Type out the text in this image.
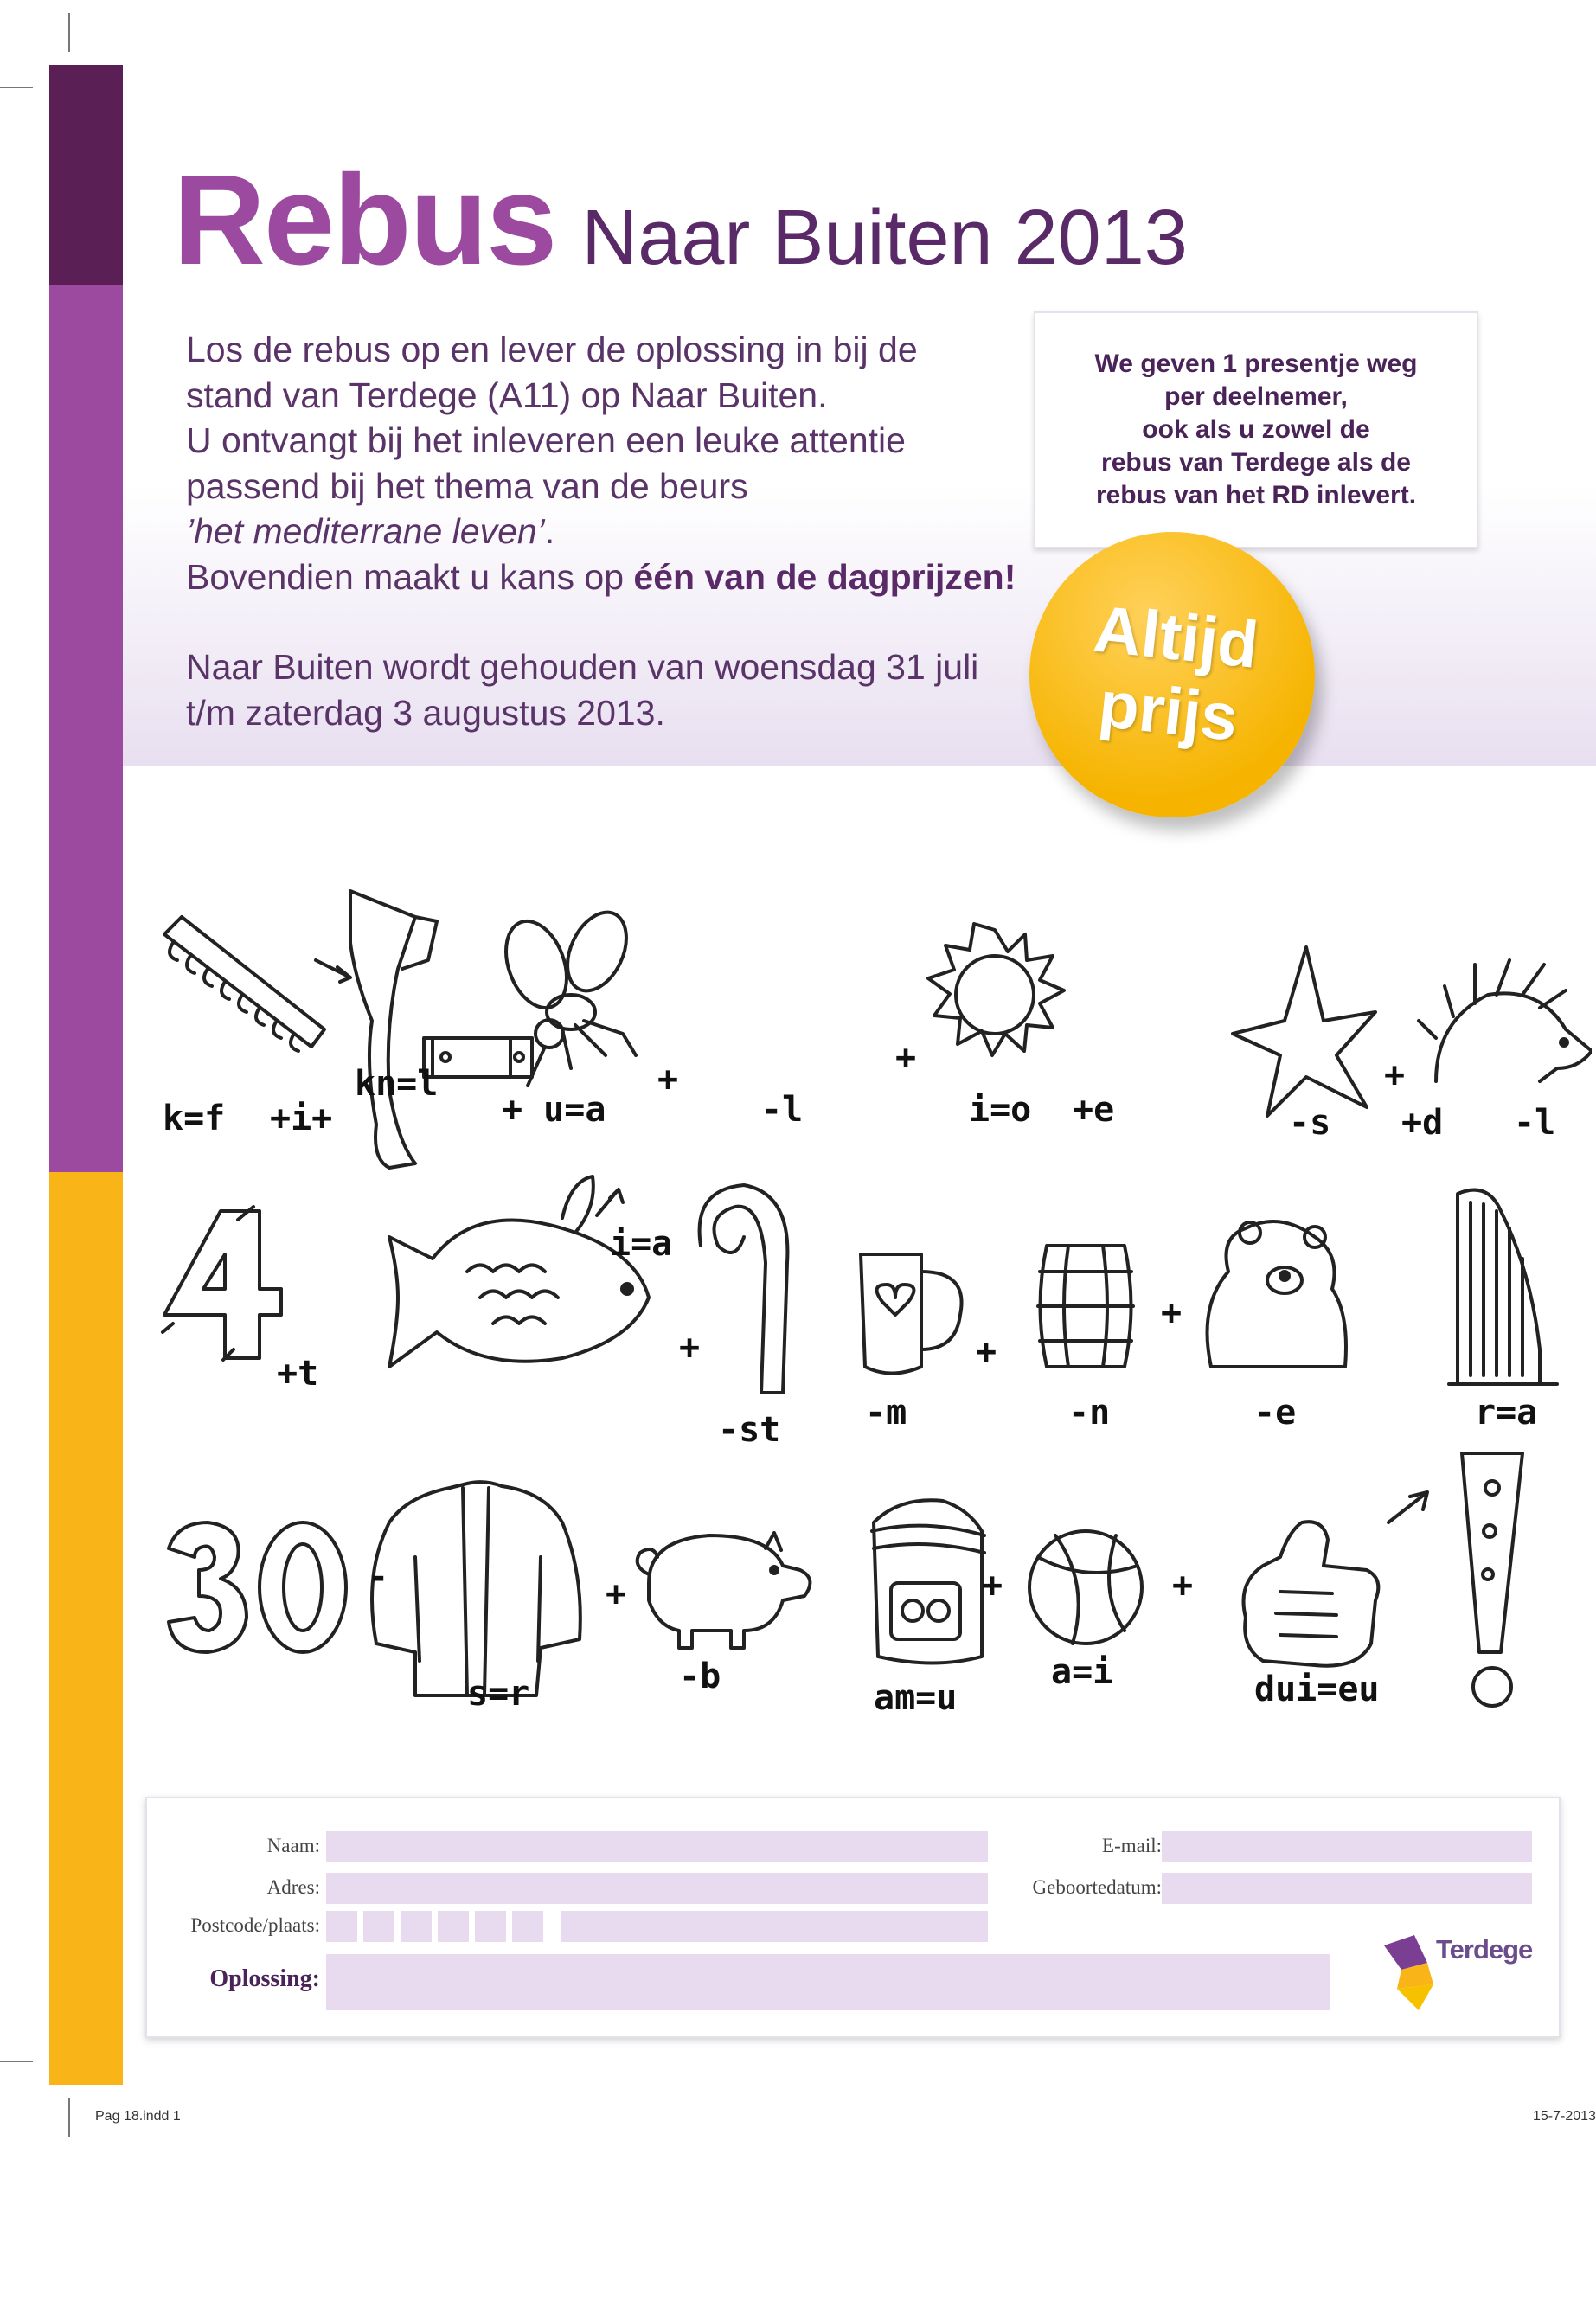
Rebus Naar Buiten 2013

Los de rebus op en lever de oplossing in bij de

stand van Terdege (A11) op Naar Buiten.

U ontvangt bij het inleveren een leuke attentie

passend bij het thema van de beurs

’het mediterrane leven’.

Bovendien maakt u kans op één van de dagprijzen!

Naar Buiten wordt gehouden van woensdag 31 juli

t/m zaterdag 3 augustus 2013.

We geven 1 presentje weg
per deelnemer,
ook als u zowel de
rebus van Terdege als de
rebus van het RD inlevert.

Altijd
prijs
k=f +i+
kn=l
+ u=a
+
-l
+
i=o +e	-s
+
+d -l
+t
i=a
+
-st -m
+
-n
+
-e	r=a
-
s=r
+
-b
am=u
+
a=i
+
dui=eu
Naam:	E-mail:
Adres:	Geboortedatum:
Postcode/plaats:
Oplossing:
Terdege
Pag 18.indd 1	15-7-2013
